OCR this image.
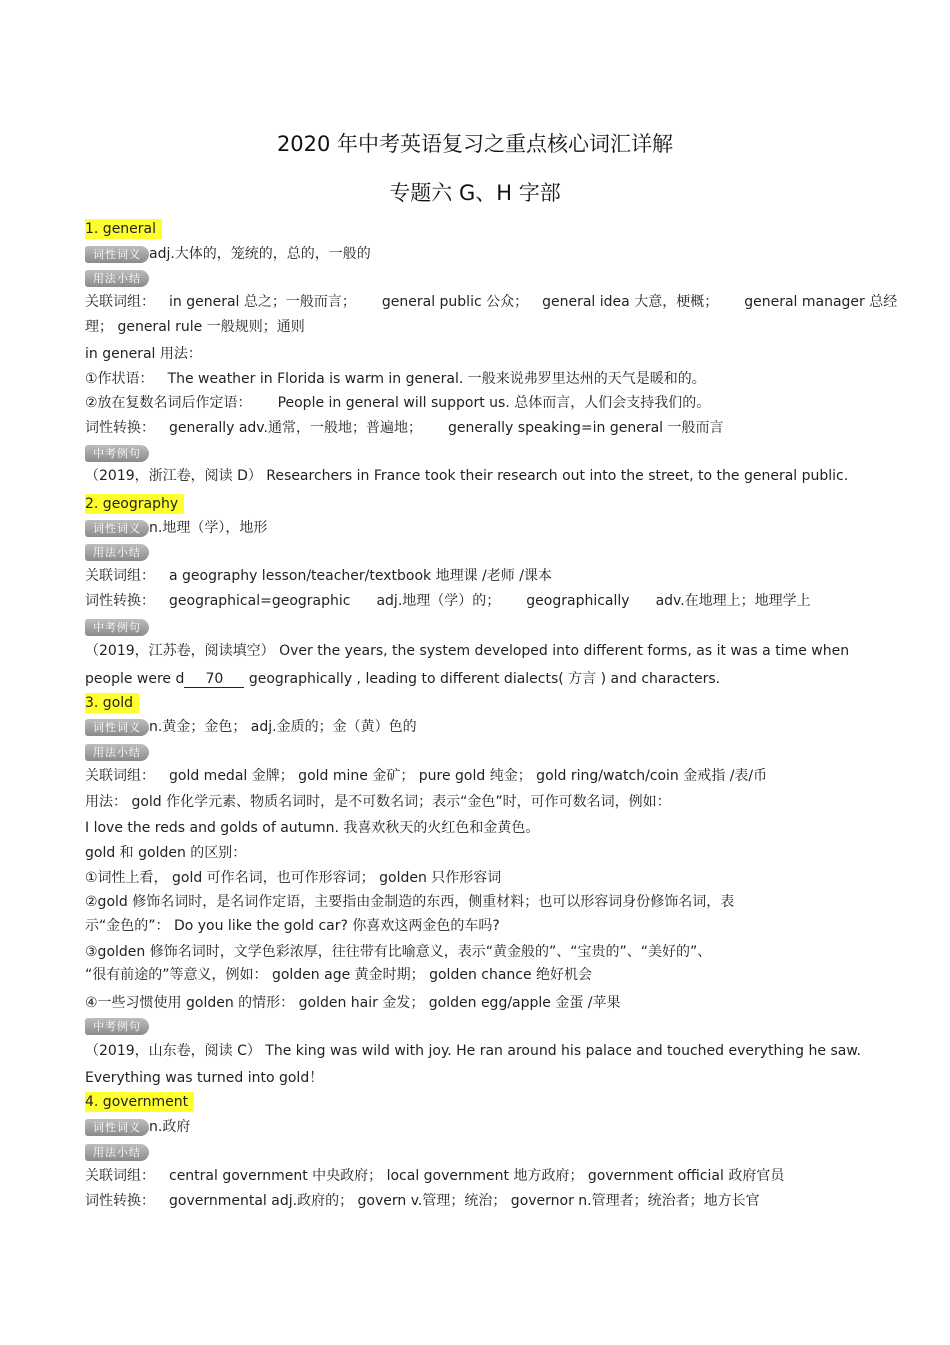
2020 年中考英语复习之重点核心词汇详解
专题六 G、H 字部
1. general
词性词义 adj.大体的，笼统的，总的，一般的
用法小结
关联词组： in general 总之；一般而言； general public 公众； general idea 大意，梗概； general manager 总经
理； general rule 一般规则；通则
in general 用法：
①作状语： The weather in Florida is warm in general. 一般来说弗罗里达州的天气是暖和的。
②放在复数名词后作定语： People in general will support us. 总体而言，人们会支持我们的。
词性转换： generally adv.通常，一般地；普遍地； generally speaking=in general 一般而言
中考例句
（2019，浙江卷，阅读 D） Researchers in France took their research out into the street, to the general public.
2. geography
词性词义 n.地理（学），地形
用法小结
关联词组： a geography lesson/teacher/textbook 地理课 /老师 /课本
词性转换： geographical=geographic adj.地理（学）的； geographically adv.在地理上；地理学上
中考例句
（2019，江苏卷，阅读填空） Over the years, the system developed into different forms, as it was a time when
people were d 70 geographically , leading to different dialects( 方言 ) and characters.
3. gold
词性词义 n.黄金；金色； adj.金质的；金（黄）色的
用法小结
关联词组： gold medal 金牌； gold mine 金矿； pure gold 纯金； gold ring/watch/coin 金戒指 /表/币
用法： gold 作化学元素、物质名词时，是不可数名词；表示“金色”时，可作可数名词，例如：
I love the reds and golds of autumn. 我喜欢秋天的火红色和金黄色。
gold 和 golden 的区别：
①词性上看， gold 可作名词，也可作形容词； golden 只作形容词
②gold 修饰名词时，是名词作定语，主要指由金制造的东西，侧重材料；也可以形容词身份修饰名词，表
示“金色的”： Do you like the gold car? 你喜欢这两金色的车吗?
③golden 修饰名词时，文学色彩浓厚，往往带有比喻意义，表示“黄金般的”、“宝贵的”、“美好的”、
“很有前途的”等意义，例如： golden age 黄金时期； golden chance 绝好机会
④一些习惯使用 golden 的情形： golden hair 金发； golden egg/apple 金蛋 /苹果
中考例句
（2019，山东卷，阅读 C） The king was wild with joy. He ran around his palace and touched everything he saw.
Everything was turned into gold！
4. government
词性词义 n.政府
用法小结
关联词组： central government 中央政府； local government 地方政府； government official 政府官员
词性转换： governmental adj.政府的； govern v.管理；统治； governor n.管理者；统治者；地方长官
